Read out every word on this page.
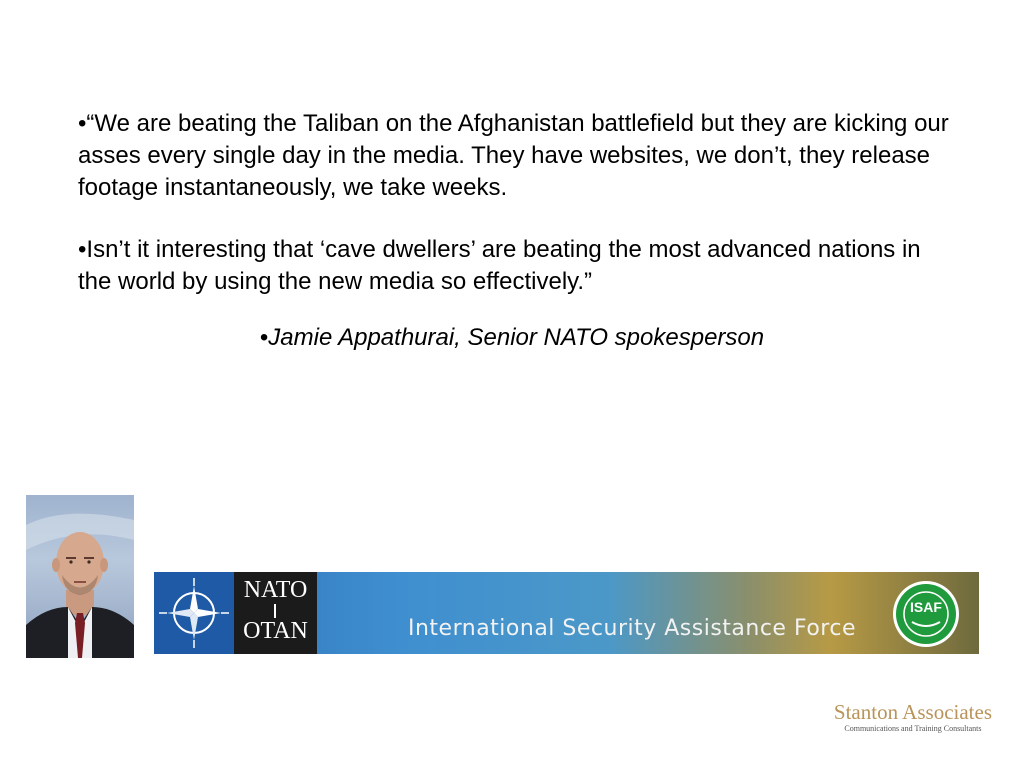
•“We are beating the Taliban on the Afghanistan battlefield but they are kicking our asses every single day in the media. They have websites, we don’t, they release footage instantaneously, we take weeks.

•Isn’t it interesting that ‘cave dwellers’ are beating the most advanced nations in the world by using the new media so effectively.”

•Jamie Appathurai, Senior NATO spokesperson
NATO
OTAN	International Security Assistance Force
ISAF
Stanton Associates
Communications and Training Consultants
